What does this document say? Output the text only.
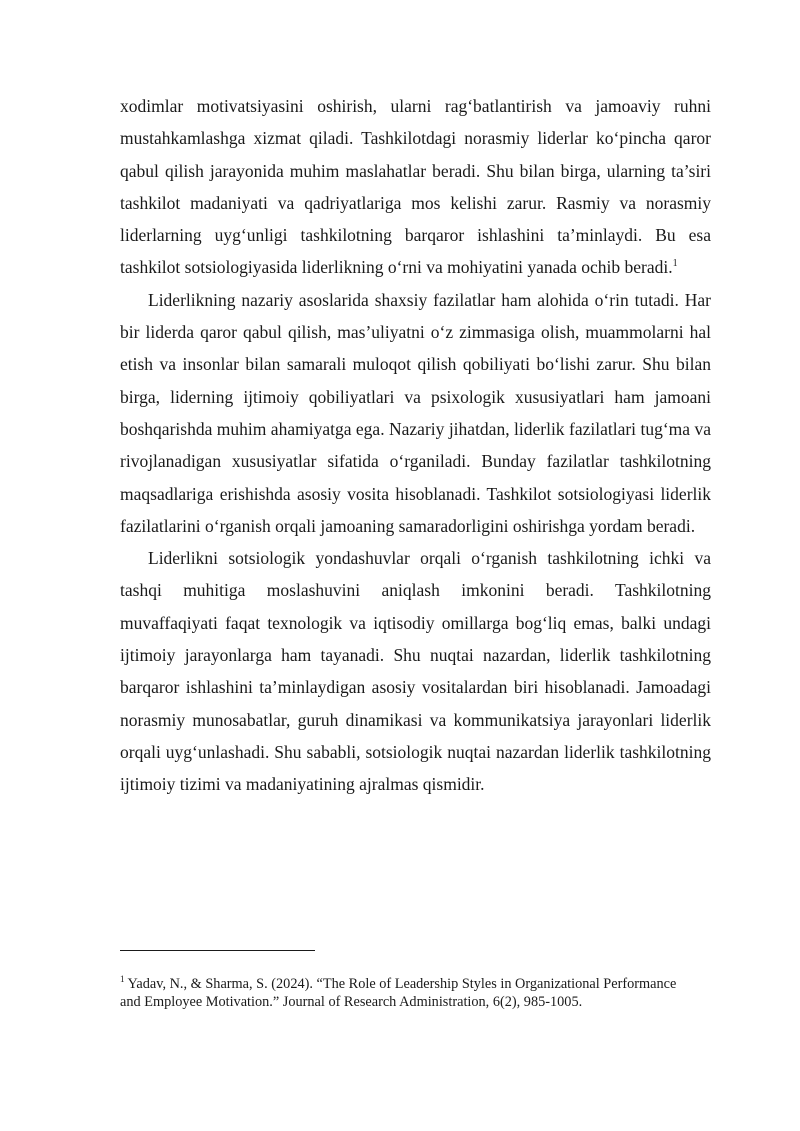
xodimlar motivatsiyasini oshirish, ularni rag‘batlantirish va jamoaviy ruhni mustahkamlashga xizmat qiladi. Tashkilotdagi norasmiy liderlar ko‘pincha qaror qabul qilish jarayonida muhim maslahatlar beradi. Shu bilan birga, ularning ta’siri tashkilot madaniyati va qadriyatlariga mos kelishi zarur. Rasmiy va norasmiy liderlarning uyg‘unligi tashkilotning barqaror ishlashini ta’minlaydi. Bu esa tashkilot sotsiologiyasida liderlikning o‘rni va mohiyatini yanada ochib beradi.$^1$

Liderlikning nazariy asoslarida shaxsiy fazilatlar ham alohida o‘rin tutadi. Har bir liderda qaror qabul qilish, mas’uliyatni o‘z zimmasiga olish, muammolarni hal etish va insonlar bilan samarali muloqot qilish qobiliyati bo‘lishi zarur. Shu bilan birga, liderning ijtimoiy qobiliyatlari va psixologik xususiyatlari ham jamoani boshqarishda muhim ahamiyatga ega. Nazariy jihatdan, liderlik fazilatlari tug‘ma va rivojlanadigan xususiyatlar sifatida o‘rganiladi. Bunday fazilatlar tashkilotning maqsadlariga erishishda asosiy vosita hisoblanadi. Tashkilot sotsiologiyasi liderlik fazilatlarini o‘rganish orqali jamoaning samaradorligini oshirishga yordam beradi.

Liderlikni sotsiologik yondashuvlar orqali o‘rganish tashkilotning ichki va tashqi muhitiga moslashuvini aniqlash imkonini beradi. Tashkilotning muvaffaqiyati faqat texnologik va iqtisodiy omillarga bog‘liq emas, balki undagi ijtimoiy jarayonlarga ham tayanadi. Shu nuqtai nazardan, liderlik tashkilotning barqaror ishlashini ta’minlaydigan asosiy vositalardan biri hisoblanadi. Jamoadagi norasmiy munosabatlar, guruh dinamikasi va kommunikatsiya jarayonlari liderlik orqali uyg‘unlashadi. Shu sababli, sotsiologik nuqtai nazardan liderlik tashkilotning ijtimoiy tizimi va madaniyatining ajralmas qismidir.

$^1$ Yadav, N., & Sharma, S. (2024). “The Role of Leadership Styles in Organizational Performance and Employee Motivation.” Journal of Research Administration, 6(2), 985-1005.
